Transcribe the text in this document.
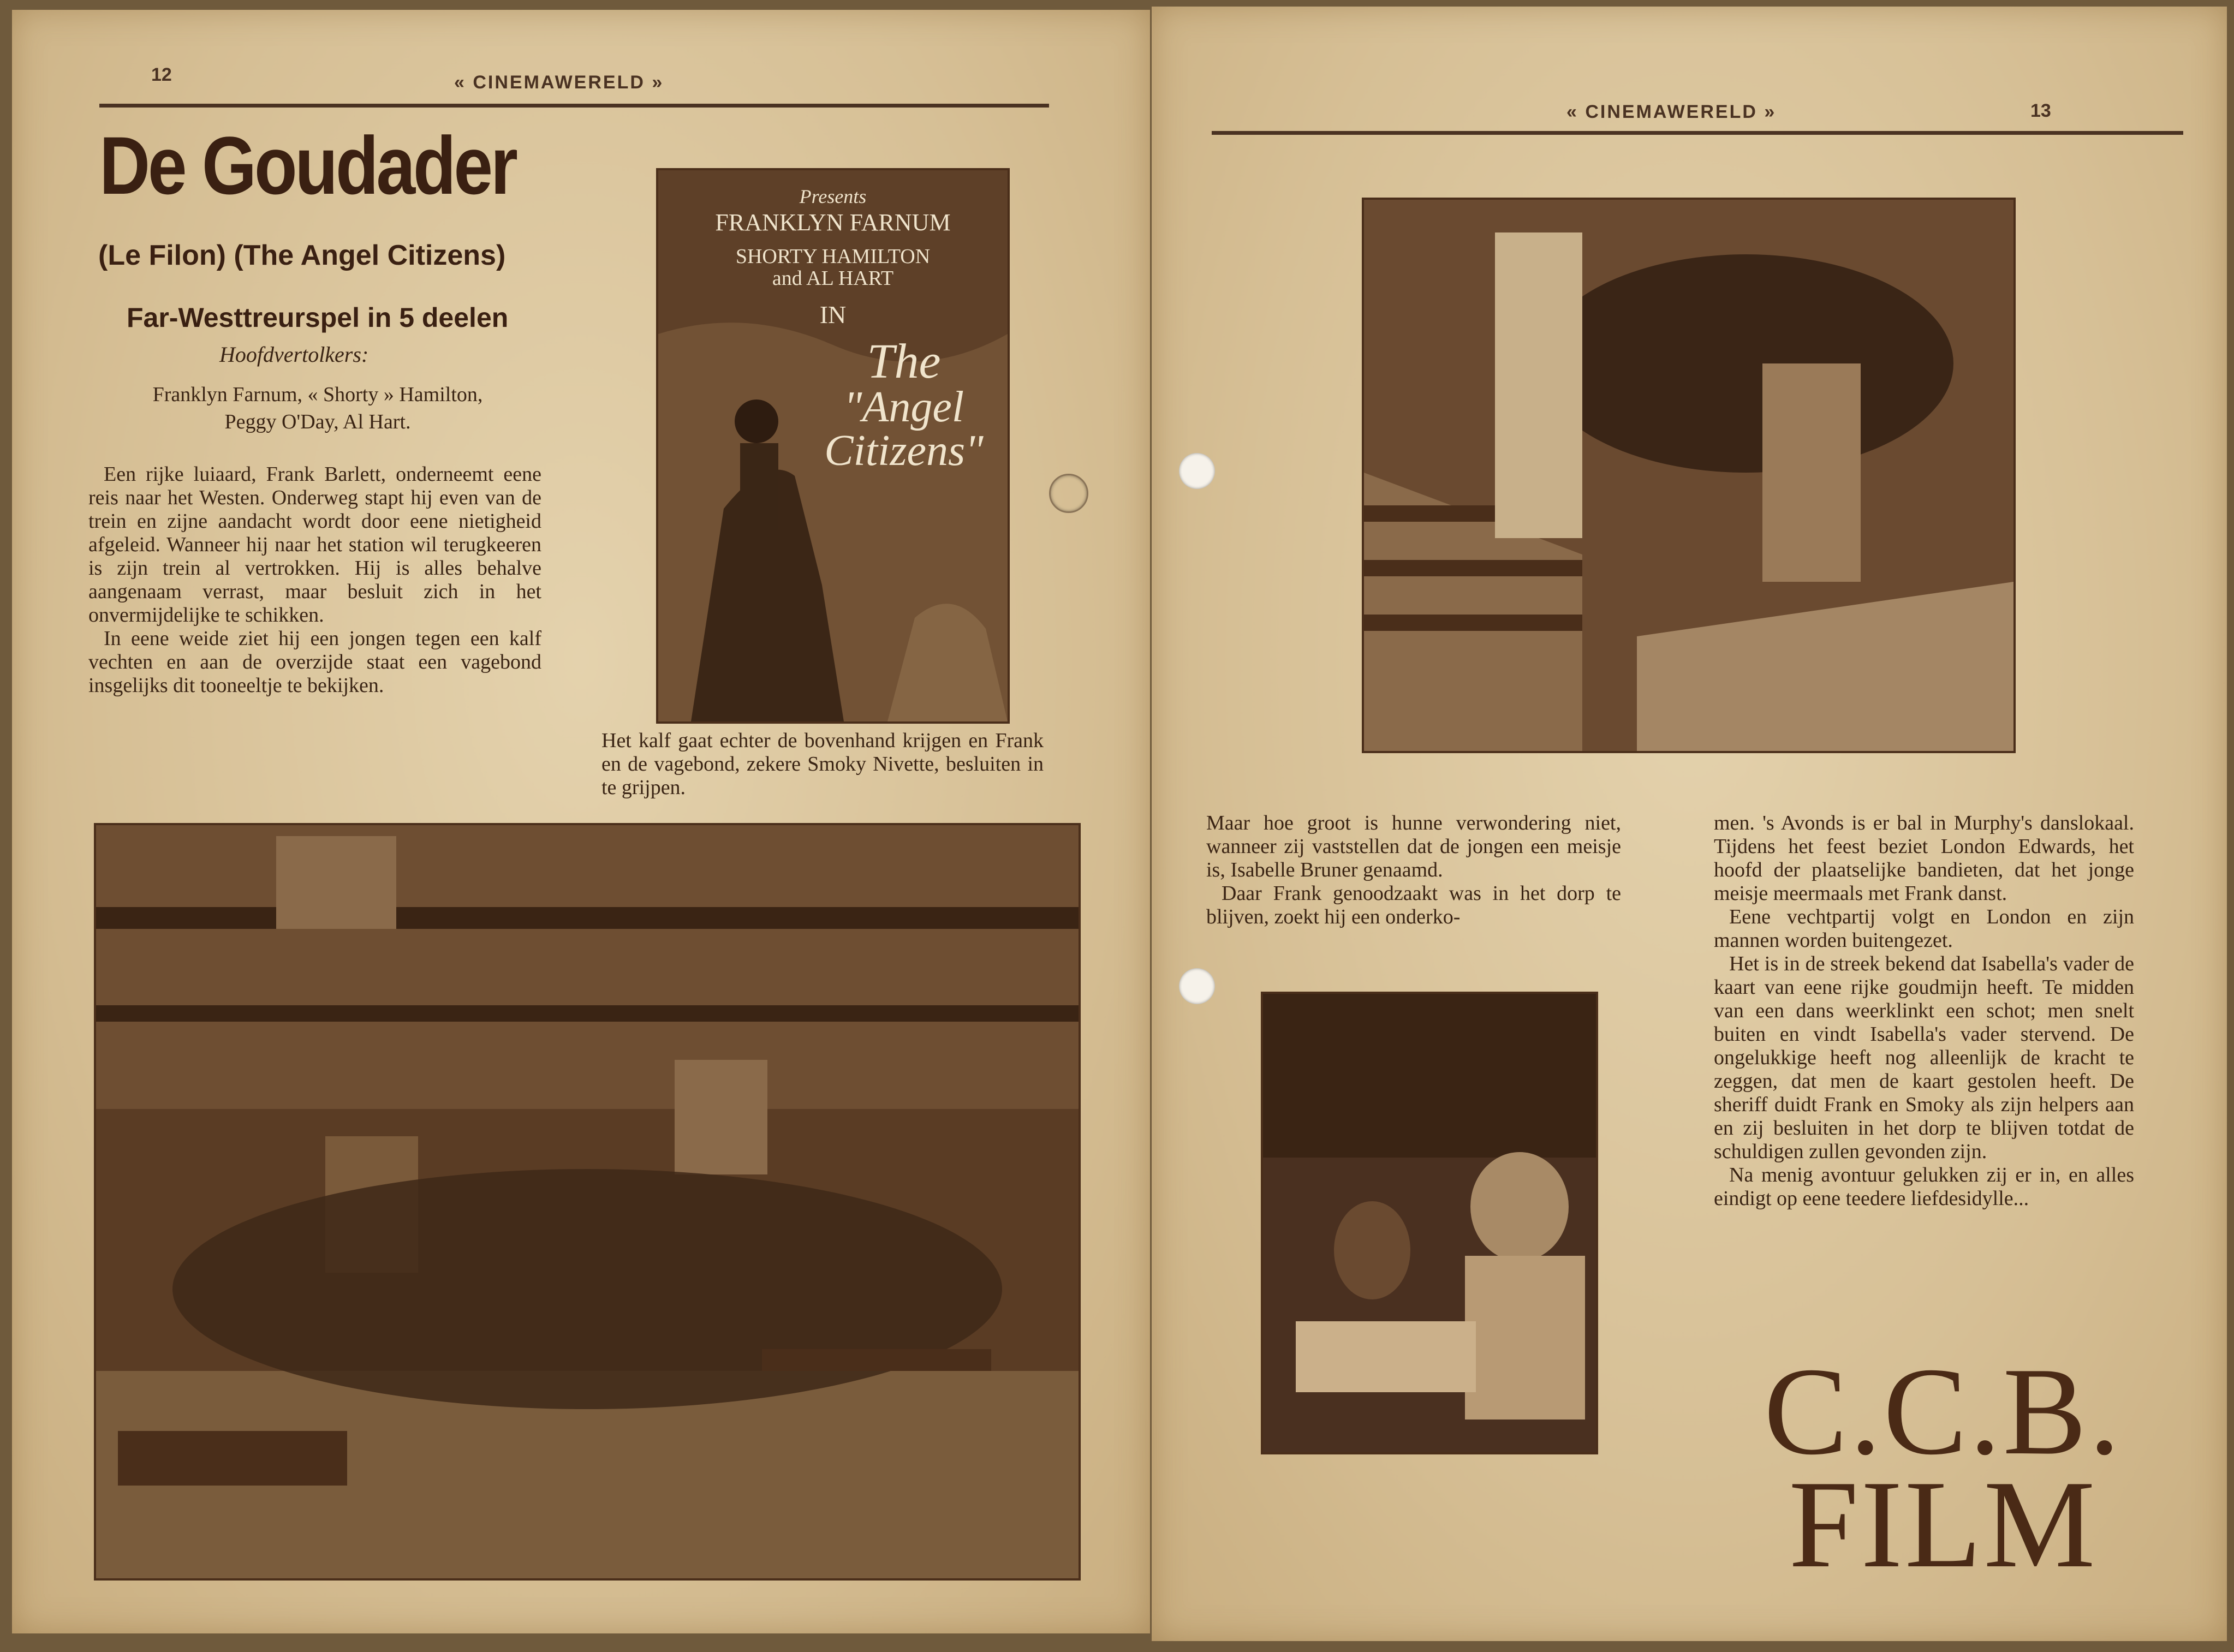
12	« CINEMAWERELD »
De Goudader
(Le Filon) (The Angel Citizens)
Far-Westtreurspel in 5 deelen
Hoofdvertolkers:
Franklyn Farnum, « Shorty » Hamilton,
Peggy O'Day, Al Hart.

Een rijke luiaard, Frank Barlett, onderneemt eene reis naar het Westen. Onderweg stapt hij even van de trein en zijne aandacht wordt door eene nietigheid afgeleid. Wanneer hij naar het station wil terugkeeren is zijn trein al vertrokken. Hij is alles behalve aangenaam verrast, maar besluit zich in het onvermijdelijke te schikken.

In eene weide ziet hij een jongen tegen een kalf vechten en aan de overzijde staat een vagebond insgelijks dit tooneeltje te bekijken.

Presents
FRANKLYN FARNUM
SHORTY HAMILTON
and AL HART
IN
The
"Angel
Citizens"
Het kalf gaat echter de bovenhand krijgen en Frank en de vagebond, zekere Smoky Nivette, besluiten in te grijpen.
« CINEMAWERELD »	13

Maar hoe groot is hunne verwondering niet, wanneer zij vaststellen dat de jongen een meisje is, Isabelle Bruner genaamd.

Daar Frank genoodzaakt was in het dorp te blijven, zoekt hij een onderko-

men. 's Avonds is er bal in Murphy's danslokaal. Tijdens het feest beziet London Edwards, het hoofd der plaatselijke bandieten, dat het jonge meisje meermaals met Frank danst.

Eene vechtpartij volgt en London en zijn mannen worden buitengezet.

Het is in de streek bekend dat Isabella's vader de kaart van eene rijke goudmijn heeft. Te midden van een dans weerklinkt een schot; men snelt buiten en vindt Isabella's vader stervend. De ongelukkige heeft nog alleenlijk de kracht te zeggen, dat men de kaart gestolen heeft. De sheriff duidt Frank en Smoky als zijn helpers aan en zij besluiten in het dorp te blijven totdat de schuldigen zullen gevonden zijn.

Na menig avontuur gelukken zij er in, en alles eindigt op eene teedere liefdesidylle...

C.C.B.
FILM
